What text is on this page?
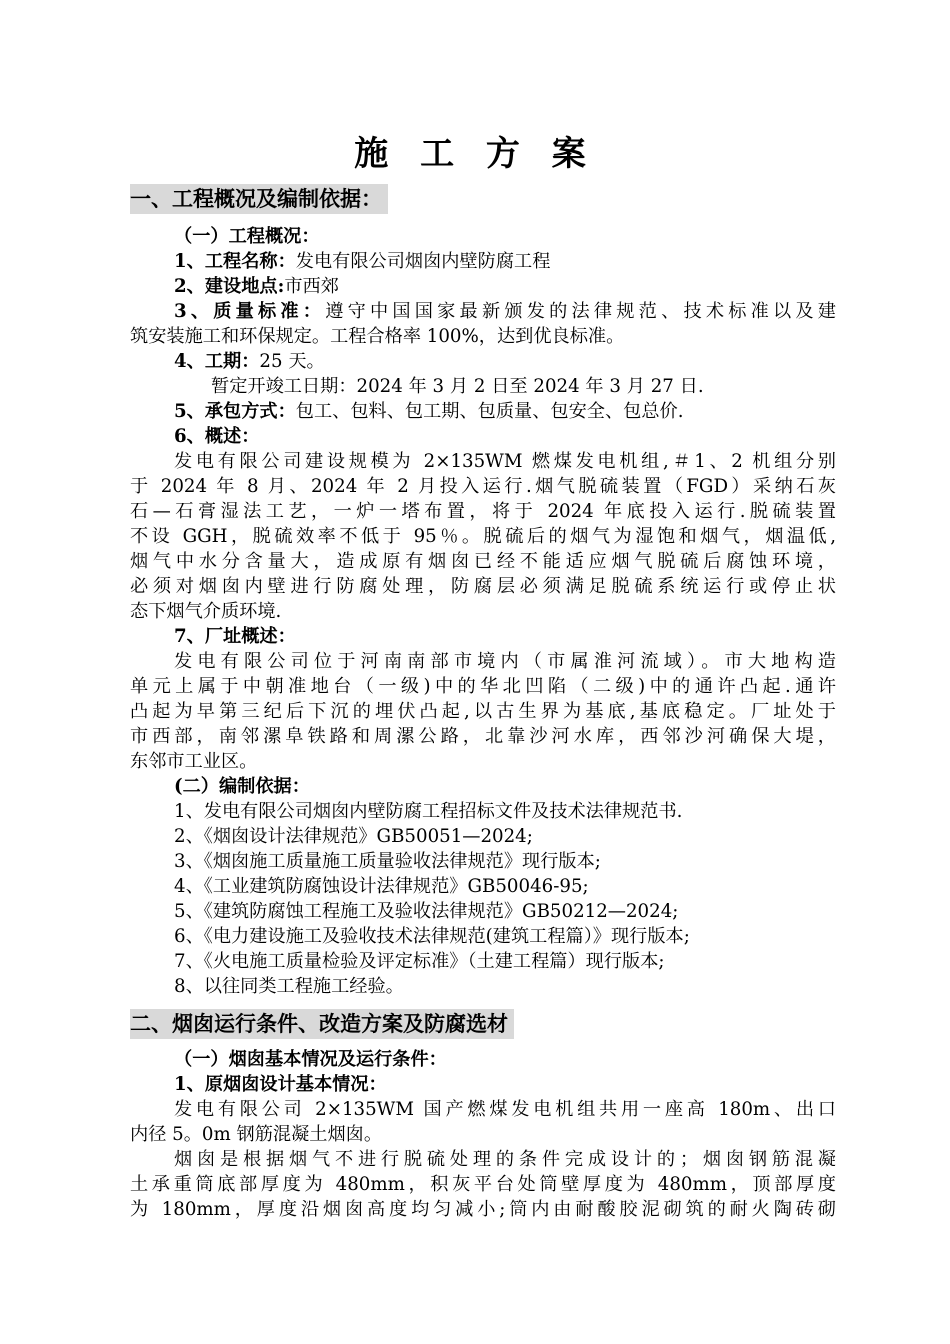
施 工 方 案
一、工程概况及编制依据：
（一）工程概况：
1、工程名称：发电有限公司烟囱内壁防腐工程
2、建设地点:市西郊
3、质量标准：遵守中国国家最新颁发的法律规范、技术标准以及建
筑安装施工和环保规定。工程合格率 100%，达到优良标准。
4、工期：25 天。
暂定开竣工日期：2024 年 3 月 2 日至 2024 年 3 月 27 日.
5、承包方式：包工、包料、包工期、包质量、包安全、包总价.
6、概述：
发电有限公司建设规模为 2×135WM 燃煤发电机组,＃1、2 机组分别
于 2024 年 8 月、2024 年 2 月投入运行.烟气脱硫装置（FGD）采纳石灰
石—石膏湿法工艺，一炉一塔布置，将于 2024 年底投入运行.脱硫装置
不设 GGH，脱硫效率不低于 95％。脱硫后的烟气为湿饱和烟气，烟温低,
烟气中水分含量大，造成原有烟囱已经不能适应烟气脱硫后腐蚀环境，
必须对烟囱内壁进行防腐处理，防腐层必须满足脱硫系统运行或停止状
态下烟气介质环境.
7、厂址概述：
发电有限公司位于河南南部市境内（市属淮河流域）。市大地构造
单元上属于中朝准地台（一级)中的华北凹陷（二级)中的通许凸起.通许
凸起为早第三纪后下沉的埋伏凸起,以古生界为基底,基底稳定。厂址处于
市西部，南邻漯阜铁路和周漯公路，北靠沙河水库，西邻沙河确保大堤，
东邻市工业区。
(二）编制依据：
1、发电有限公司烟囱内壁防腐工程招标文件及技术法律规范书.
2、《烟囱设计法律规范》GB50051—2024;
3、《烟囱施工质量施工质量验收法律规范》现行版本;
4、《工业建筑防腐蚀设计法律规范》GB50046-95;
5、《建筑防腐蚀工程施工及验收法律规范》GB50212—2024;
6、《电力建设施工及验收技术法律规范(建筑工程篇）》现行版本;
7、《火电施工质量检验及评定标准》（土建工程篇）现行版本;
8、以往同类工程施工经验。
二、烟囱运行条件、改造方案及防腐选材
（一）烟囱基本情况及运行条件：
1、原烟囱设计基本情况：
发电有限公司 2×135WM 国产燃煤发电机组共用一座高 180m、出口
内径 5。0m 钢筋混凝土烟囱。
烟囱是根据烟气不进行脱硫处理的条件完成设计的；烟囱钢筋混凝
土承重筒底部厚度为 480mm，积灰平台处筒壁厚度为 480mm，顶部厚度
为 180mm，厚度沿烟囱高度均匀减小;筒内由耐酸胶泥砌筑的耐火陶砖砌
